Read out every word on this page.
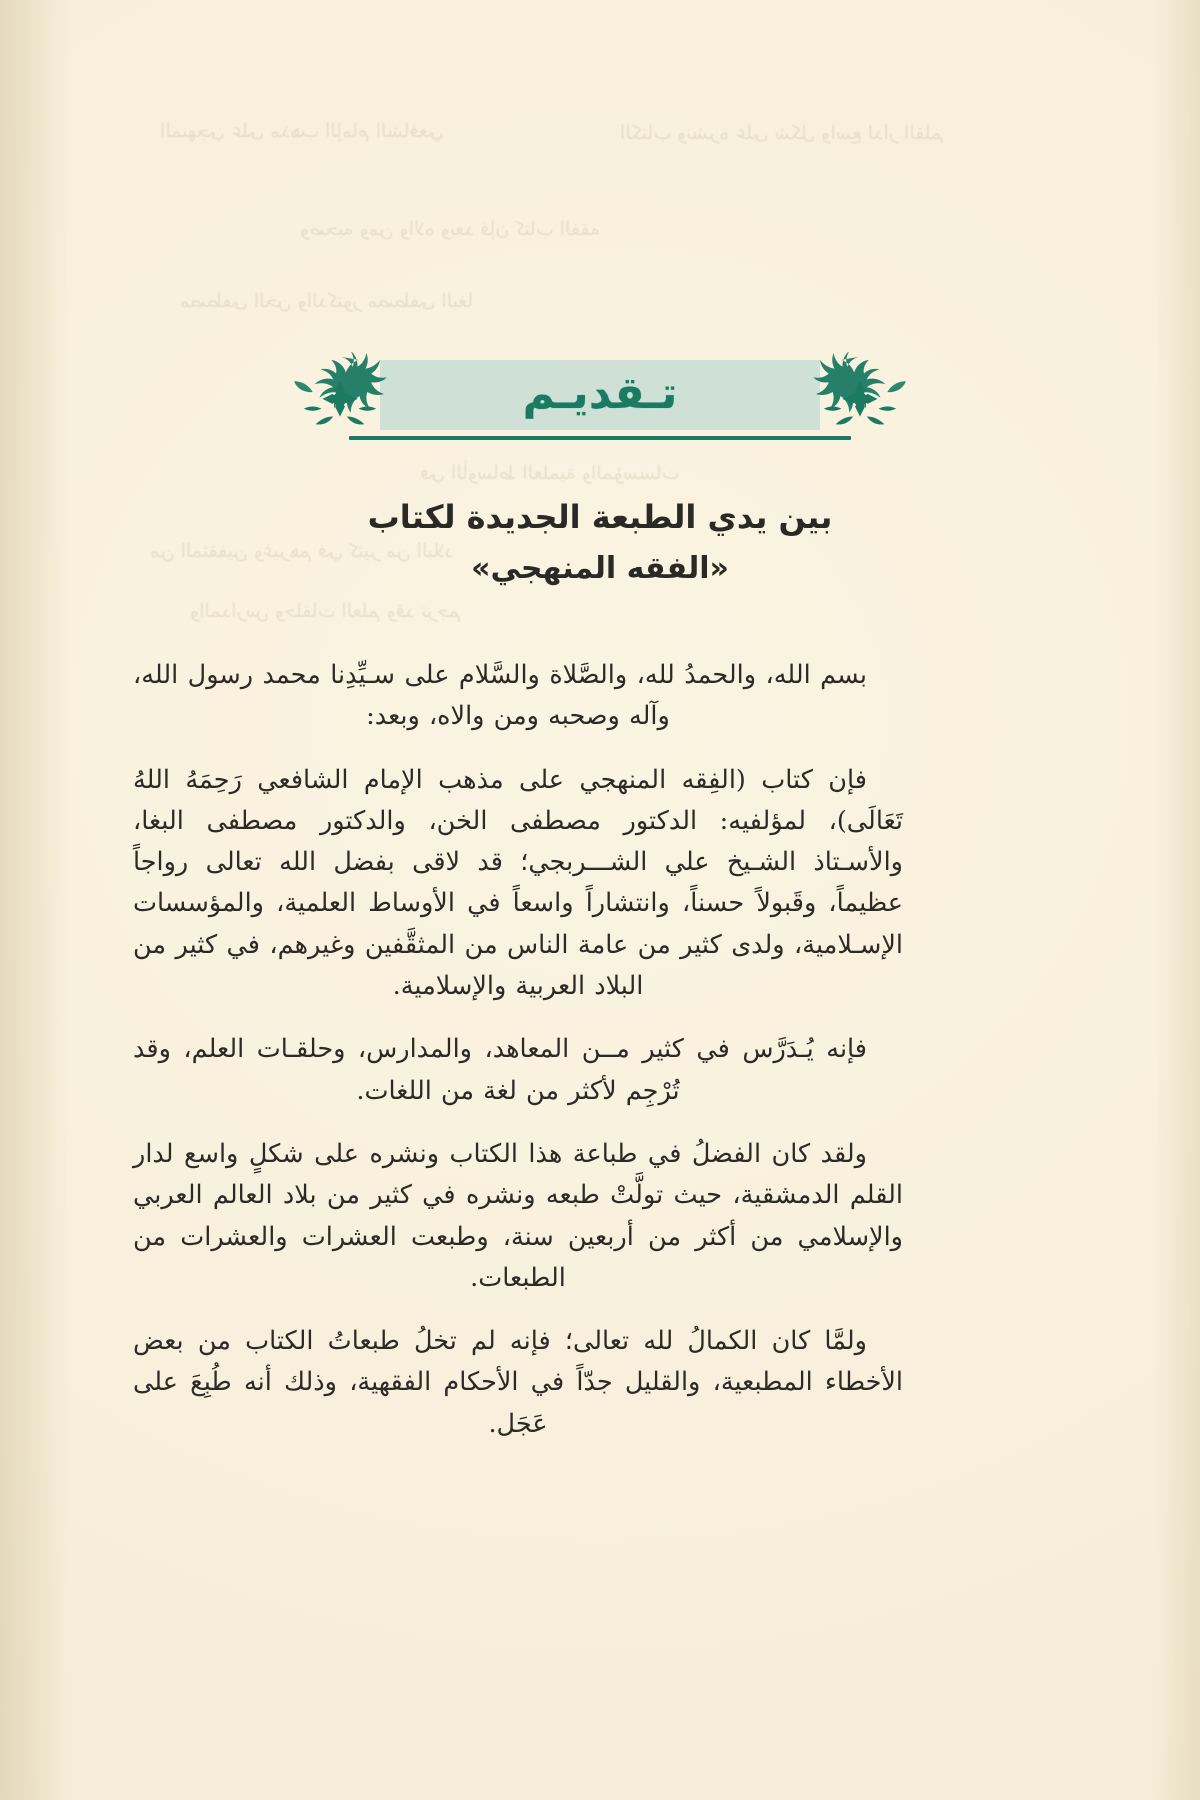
المنهجي على مذهب الإمام الشافعي
وصحبه ومن والاه وبعد فإن كتاب الفقه
مصطفى الخن والدكتور مصطفى البغا
في الأوساط العلمية والمؤسسات
من المثقفين وغيرهم في كثير من البلاد
والمدارس وحلقات العلم وقد ترجم
الكتاب ونشره على شكل واسع لدار القلم
تـقديـم
بين يدي الطبعة الجديدة لكتاب
«الفقه المنهجي»

بسم الله، والحمدُ لله، والصَّلاة والسَّلام على سـيِّدِنا محمد رسول الله، وآله وصحبه ومن والاه، وبعد:

فإن كتاب (الفِقه المنهجي على مذهب الإمام الشافعي رَحِمَهُ اللهُ تَعَالَى)، لمؤلفيه: الدكتور مصطفى الخن، والدكتور مصطفى البغا، والأسـتاذ الشـيخ علي الشـــربجي؛ قد لاقى بفضل الله تعالى رواجاً عظيماً، وقَبولاً حسناً، وانتشاراً واسعاً في الأوساط العلمية، والمؤسسات الإسـلامية، ولدى كثير من عامة الناس من المثقَّفين وغيرهم، في كثير من البلاد العربية والإسلامية.

فإنه يُـدَرَّس في كثير مــن المعاهد، والمدارس، وحلقـات العلم، وقد تُرْجِم لأكثر من لغة من اللغات.

ولقد كان الفضلُ في طباعة هذا الكتاب ونشره على شكلٍ واسع لدار القلم الدمشقية، حيث تولَّتْ طبعه ونشره في كثير من بلاد العالم العربي والإسلامي من أكثر من أربعين سنة، وطبعت العشرات والعشرات من الطبعات.

ولمَّا كان الكمالُ لله تعالى؛ فإنه لم تخلُ طبعاتُ الكتاب من بعض الأخطاء المطبعية، والقليل جدّاً في الأحكام الفقهية، وذلك أنه طُبِعَ على عَجَل.
